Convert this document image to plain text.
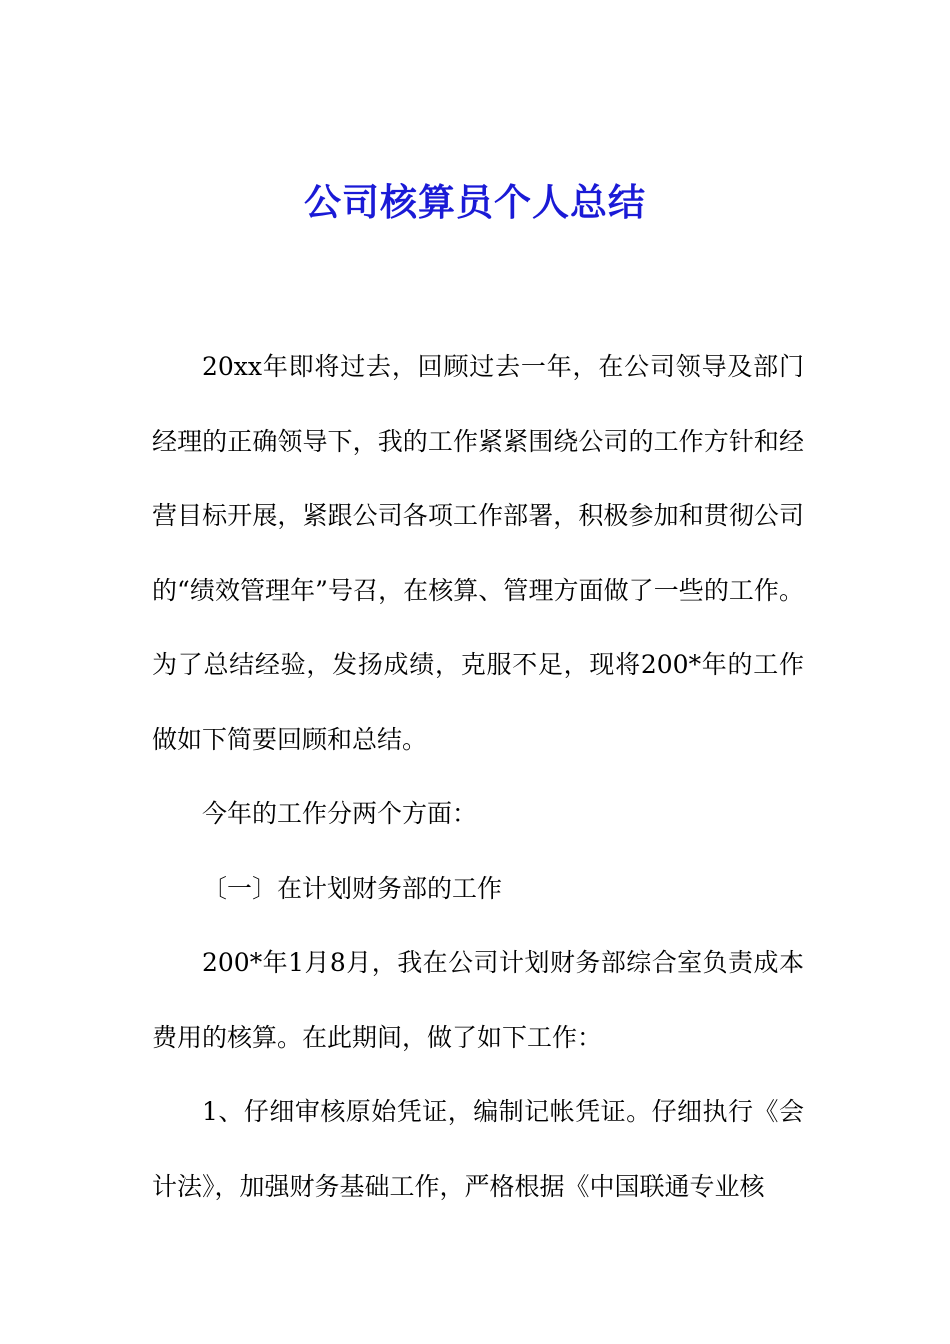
公司核算员个人总结

20xx年即将过去，回顾过去一年，在公司领导及部门经理的正确领导下，我的工作紧紧围绕公司的工作方针和经营目标开展，紧跟公司各项工作部署，积极参加和贯彻公司的“绩效管理年”号召，在核算、管理方面做了一些的工作。为了总结经验，发扬成绩，克服不足，现将200*年的工作做如下简要回顾和总结。

今年的工作分两个方面：

〔一〕在计划财务部的工作

200*年1月8月，我在公司计划财务部综合室负责成本费用的核算。在此期间，做了如下工作：

1、仔细审核原始凭证，编制记帐凭证。仔细执行《会计法》，加强财务基础工作，严格根据《中国联通专业核
